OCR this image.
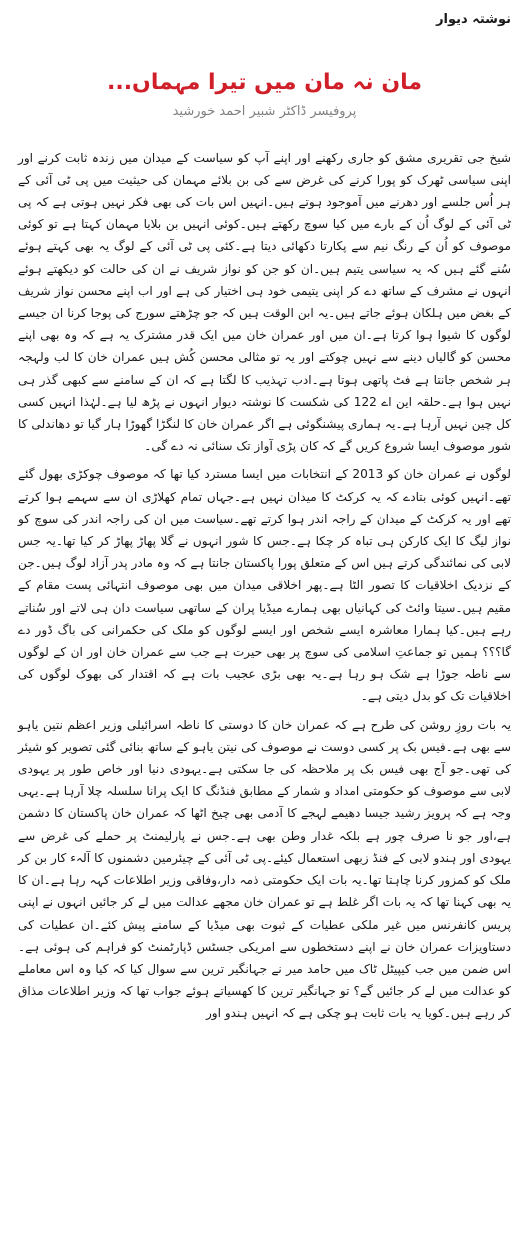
نوشتہ دیوار
مان نہ مان میں تیرا مہماں...
پروفیسر ڈاکٹر شبیر احمد خورشید

شیخ جی تقریری مشق کو جاری رکھنے اور اپنے آپ کو سیاست کے میدان میں زندہ ثابت کرنے اور اپنی سیاسی ٹھرک کو پورا کرنے کی غرض سے کی بن بلائے مہمان کی حیثیت میں پی ٹی آئی کے ہر اُس جلسے اور دھرنے میں آموجود ہوتے ہیں۔انہیں اس بات کی بھی فکر نہیں ہوتی ہے کہ پی ٹی آئی کے لوگ اُن کے بارے میں کیا سوچ رکھتے ہیں۔کوئی انہیں بن بلایا مہمان کہتا ہے تو کوئی موصوف کو اُن کے رنگ نیم سے پکارتا دکھائی دیتا ہے۔کئی پی ٹی آئی کے لوگ یہ بھی کہتے ہوئے سُنے گئے ہیں کہ یہ سیاسی یتیم ہیں۔ان کو جن کو نواز شریف نے ان کی حالت کو دیکھتے ہوئے انہوں نے مشرف کے ساتھ دے کر اپنی یتیمی خود ہی اختیار کی ہے اور اب اپنے محسن نواز شریف کے بغض میں ہلکان ہوئے جاتے ہیں۔یہ ابن الوقت ہیں کہ جو چڑھتے سورج کی پوجا کرنا ان جیسے لوگوں کا شیوا ہوا کرتا ہے۔ان میں اور عمران خان میں ایک قدر مشترک یہ ہے کہ وہ بھی اپنے محسن کو گالیاں دینے سے نہیں چوکتے اور یہ تو مثالی محسن کُش ہیں عمران خان کا لب ولہجہ ہر شخص جانتا ہے فٹ پاتھی ہوتا ہے۔ادب تہذیب کا لگتا ہے کہ ان کے سامنے سے کبھی گذر ہی نہیں ہوا ہے۔حلقہ این اے 122 کی شکست کا نوشتہ دیوار انہوں نے پڑھ لیا ہے۔لہٰذا انہیں کسی کل چین نہیں آرہا ہے۔یہ ہماری پیشنگوئی ہے اگر عمران خان کا لنگڑا گھوڑا ہار گیا تو دھاندلی کا شور موصوف ایسا شروع کریں گے کہ کان پڑی آواز تک سنائی نہ دے گی۔

لوگوں نے عمران خان کو 2013 کے انتخابات میں ایسا مسترد کیا تھا کہ موصوف چوکڑی بھول گئے تھے۔انہیں کوئی بتادے کہ یہ کرکٹ کا میدان نہیں ہے۔جہاں تمام کھلاڑی ان سے سہمے ہوا کرتے تھے اور یہ کرکٹ کے میدان کے راجہ اندر ہوا کرتے تھے۔سیاست میں ان کی راجہ اندر کی سوچ کو نواز لیگ کا ایک کارکن ہی تباہ کر چکا ہے۔جس کا شور انہوں نے گلا پھاڑ پھاڑ کر کیا تھا۔یہ جس لابی کی نمائندگی کرتے ہیں اس کے متعلق پورا پاکستان جانتا ہے کہ وہ مادر پدر آزاد لوگ ہیں۔جن کے نزدیک اخلاقیات کا تصور الٹا ہے۔پھر اخلاقی میدان میں بھی موصوف انتہائی پست مقام کے مقیم ہیں۔سیتا وائٹ کی کہانیاں بھی ہمارے میڈیا پران کے ساتھی سیاست دان ہی لاتے اور سُناتے رہے ہیں۔کیا ہمارا معاشرہ ایسے شخص اور ایسے لوگوں کو ملک کی حکمرانی کی باگ ڈور دے گا؟؟؟ ہمیں تو جماعتِ اسلامی کی سوچ پر بھی حیرت ہے جب سے عمران خان اور ان کے لوگوں سے ناطہ جوڑا ہے شک ہو رہا ہے۔یہ بھی بڑی عجیب بات ہے کہ اقتدار کی بھوک لوگوں کی اخلاقیات تک کو بدل دیتی ہے۔

یہ بات روزِ روشن کی طرح ہے کہ عمران خان کا دوستی کا ناطہ اسرائیلی وزیر اعظم نتین یاہو سے بھی ہے۔فیس بک پر کسی دوست نے موصوف کی نیتن یاہو کے ساتھ بنائی گئی تصویر کو شیئر کی تھی۔جو آج بھی فیس بک پر ملاحظہ کی جا سکتی ہے۔یہودی دنیا اور خاص طور پر یہودی لابی سے موصوف کو حکومتی امداد و شمار کے مطابق فنڈنگ کا ایک پرانا سلسلہ چلا آرہا ہے۔یہی وجہ ہے کہ پرویز رشید جیسا دھیمے لہجے کا آدمی بھی چیخ اٹھا کہ عمران خان پاکستان کا دشمن ہے،اور جو نا صرف چور ہے بلکہ غدار وطن بھی ہے۔جس نے پارلیمنٹ پر حملے کی غرض سے یہودی اور ہندو لابی کے فنڈ زبھی استعمال کیئے۔پی ٹی آئی کے چیئرمین دشمنوں کا آلہء کار بن کر ملک کو کمزور کرنا چاہتا تھا۔یہ بات ایک حکومتی ذمہ دار،وفاقی وزیر اطلاعات کہہ رہا ہے۔ان کا یہ بھی کہنا تھا کہ یہ بات اگر غلط ہے تو عمران خان مجھے عدالت میں لے کر جائیں انہوں نے اپنی پریس کانفرنس میں غیر ملکی عطیات کے ثبوت بھی میڈیا کے سامنے پیش کئے۔ان عطیات کی دستاویزات عمران خان نے اپنے دستخطوں سے امریکی جسٹس ڈپارٹمنٹ کو فراہم کی ہوئی ہے۔اس ضمن میں جب کیپیٹل ٹاک میں حامد میر نے جہانگیر ترین سے سوال کیا کہ کیا وہ اس معاملے کو عدالت میں لے کر جائیں گے؟ تو جہانگیر ترین کا کھسیاتے ہوئے جواب تھا کہ وزیر اطلاعات مذاق کر رہے ہیں۔کویا یہ بات ثابت ہو چکی ہے کہ انہیں ہندو اور
